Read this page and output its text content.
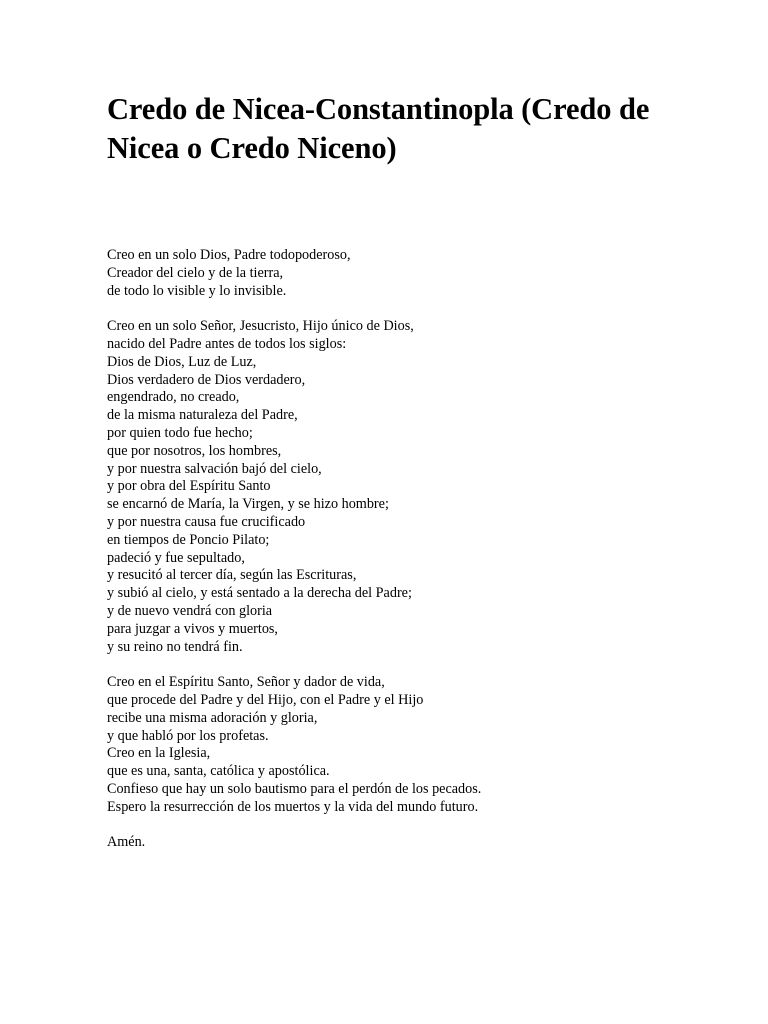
Credo de Nicea-Constantinopla (Credo de
Nicea o Credo Niceno)
Creo en un solo Dios, Padre todopoderoso,
Creador del cielo y de la tierra,
de todo lo visible y lo invisible.
Creo en un solo Señor, Jesucristo, Hijo único de Dios,
nacido del Padre antes de todos los siglos:
Dios de Dios, Luz de Luz,
Dios verdadero de Dios verdadero,
engendrado, no creado,
de la misma naturaleza del Padre,
por quien todo fue hecho;
que por nosotros, los hombres,
y por nuestra salvación bajó del cielo,
y por obra del Espíritu Santo
se encarnó de María, la Virgen, y se hizo hombre;
y por nuestra causa fue crucificado
en tiempos de Poncio Pilato;
padeció y fue sepultado,
y resucitó al tercer día, según las Escrituras,
y subió al cielo, y está sentado a la derecha del Padre;
y de nuevo vendrá con gloria
para juzgar a vivos y muertos,
y su reino no tendrá fin.
Creo en el Espíritu Santo, Señor y dador de vida,
que procede del Padre y del Hijo, con el Padre y el Hijo
recibe una misma adoración y gloria,
y que habló por los profetas.
Creo en la Iglesia,
que es una, santa, católica y apostólica.
Confieso que hay un solo bautismo para el perdón de los pecados.
Espero la resurrección de los muertos y la vida del mundo futuro.
Amén.
